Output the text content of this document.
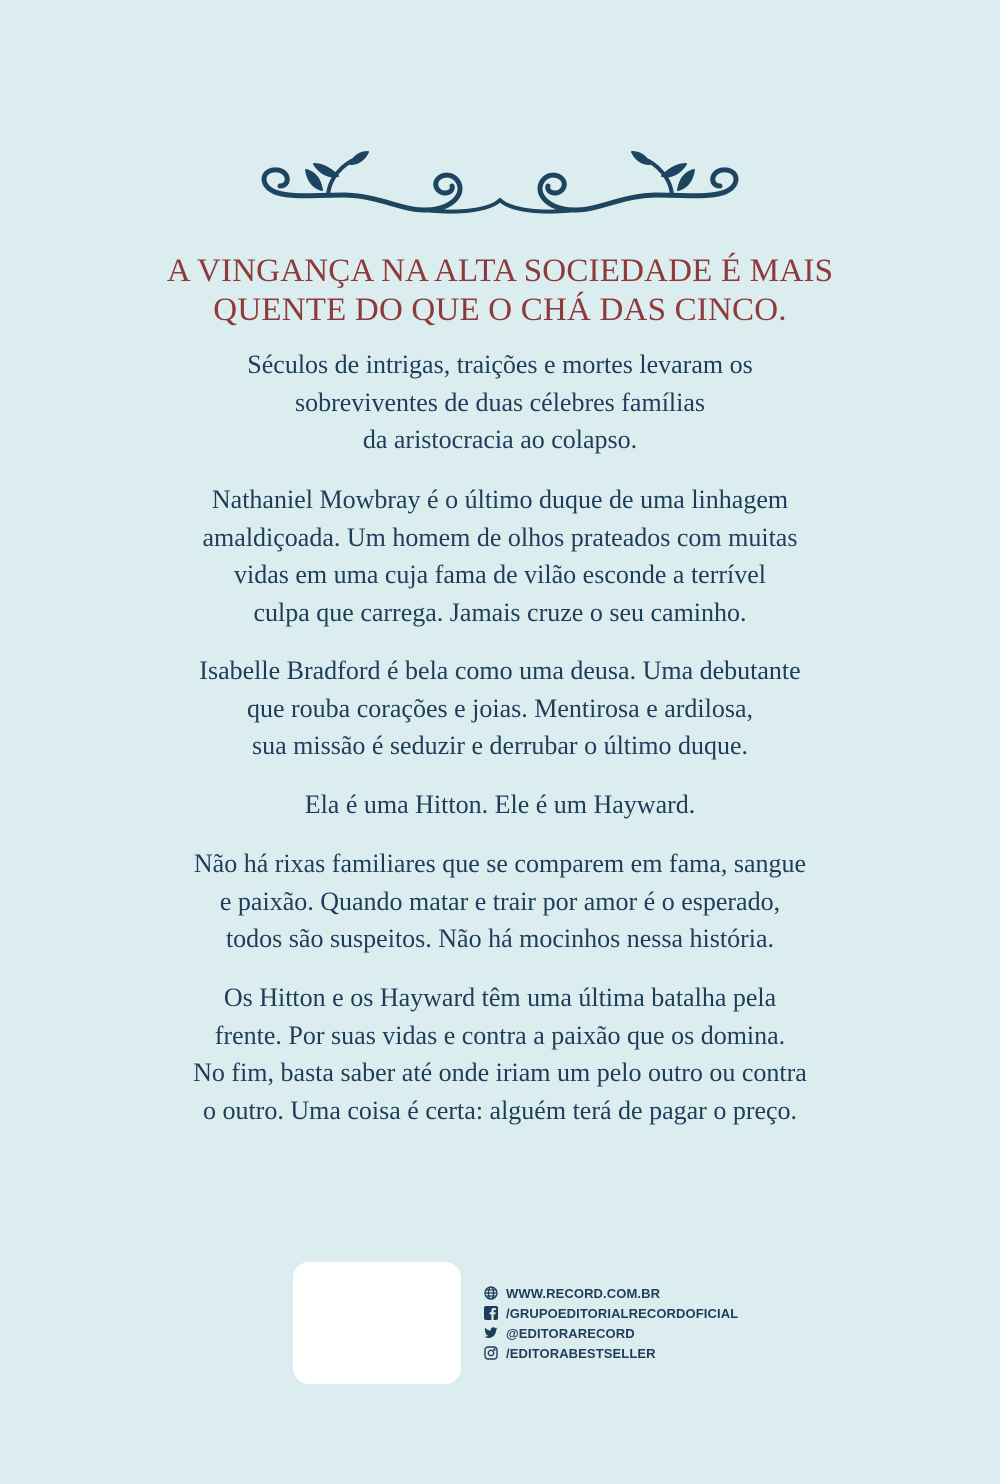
A VINGANÇA NA ALTA SOCIEDADE É MAIS
QUENTE DO QUE O CHÁ DAS CINCO.
Séculos de intrigas, traições e mortes levaram os
sobreviventes de duas célebres famílias
da aristocracia ao colapso.
Nathaniel Mowbray é o último duque de uma linhagem
amaldiçoada. Um homem de olhos prateados com muitas
vidas em uma cuja fama de vilão esconde a terrível
culpa que carrega. Jamais cruze o seu caminho.
Isabelle Bradford é bela como uma deusa. Uma debutante
que rouba corações e joias. Mentirosa e ardilosa,
sua missão é seduzir e derrubar o último duque.
Ela é uma Hitton. Ele é um Hayward.
Não há rixas familiares que se comparem em fama, sangue
e paixão. Quando matar e trair por amor é o esperado,
todos são suspeitos. Não há mocinhos nessa história.
Os Hitton e os Hayward têm uma última batalha pela
frente. Por suas vidas e contra a paixão que os domina.
No fim, basta saber até onde iriam um pelo outro ou contra
o outro. Uma coisa é certa: alguém terá de pagar o preço.
WWW.RECORD.COM.BR
/GRUPOEDITORIALRECORDOFICIAL
@EDITORARECORD
/EDITORABESTSELLER
